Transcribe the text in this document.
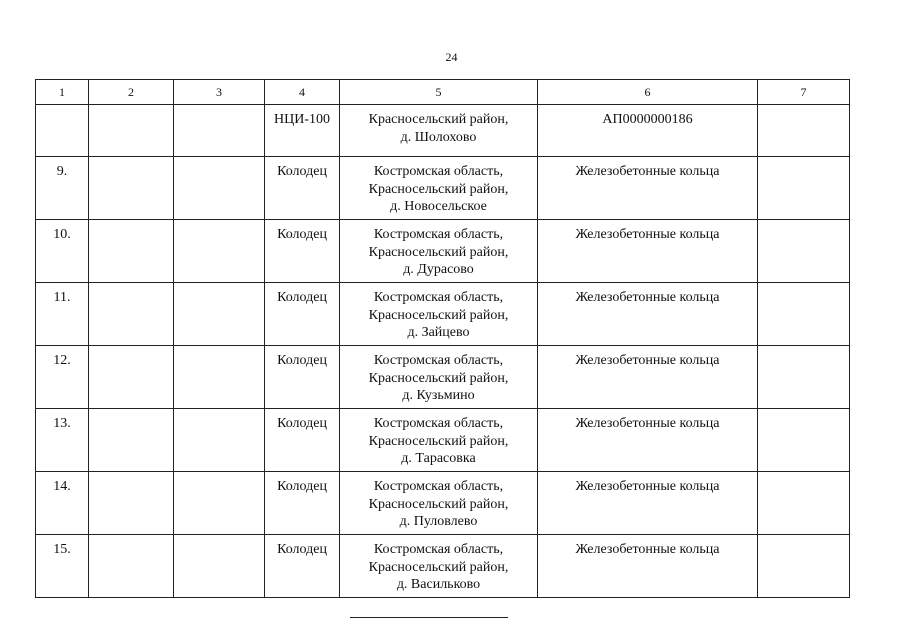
24
1	2	3	4	5	6	7

			НЦИ-100	Красносельский район,
д. Шолохово	АП0000000186	

9.			Колодец	Костромская область,
Красносельский район,
д. Новосельское	Железобетонные кольца	

10.			Колодец	Костромская область,
Красносельский район,
д. Дурасово	Железобетонные кольца	

11.			Колодец	Костромская область,
Красносельский район,
д. Зайцево	Железобетонные кольца	

12.			Колодец	Костромская область,
Красносельский район,
д. Кузьмино	Железобетонные кольца	

13.			Колодец	Костромская область,
Красносельский район,
д. Тарасовка	Железобетонные кольца	

14.			Колодец	Костромская область,
Красносельский район,
д. Пуловлево	Железобетонные кольца	

15.			Колодец	Костромская область,
Красносельский район,
д. Васильково	Железобетонные кольца	
